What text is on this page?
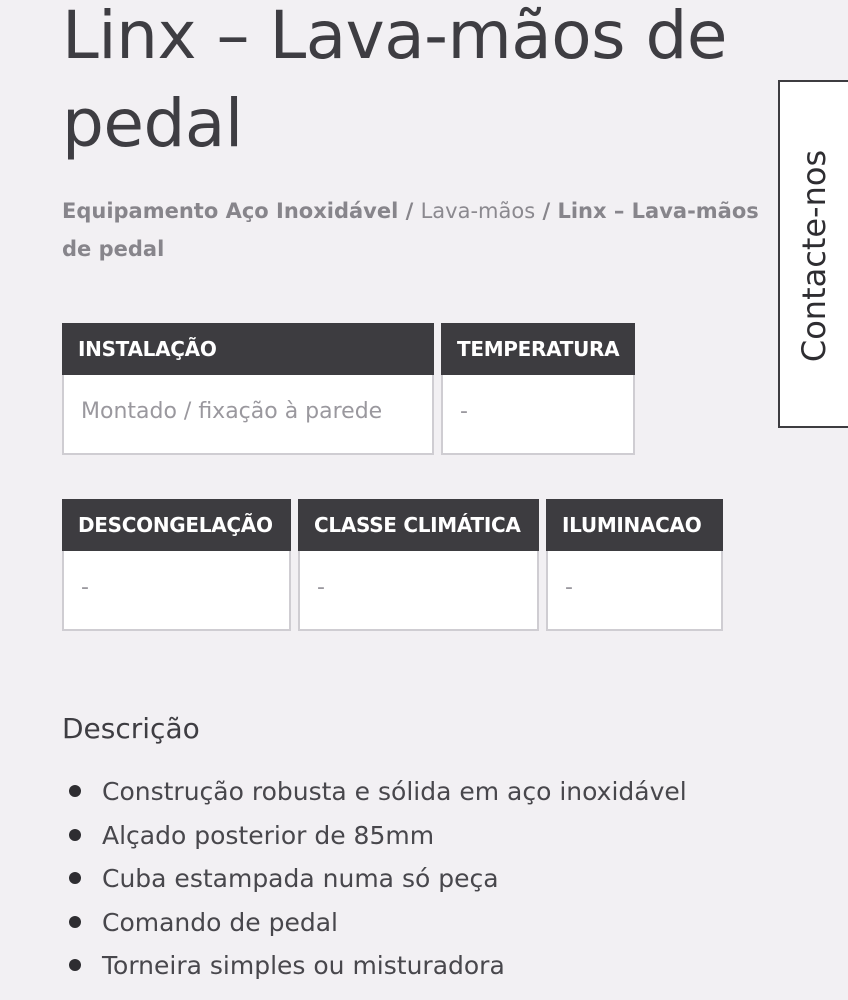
Linx – Lava-mãos de pedal
Equipamento Aço Inoxidável / Lava-mãos / Linx – Lava-mãos de pedal
INSTALAÇÃO
Montado / fixação à parede
TEMPERATURA
-
DESCONGELAÇÃO
-
CLASSE CLIMÁTICA
-
ILUMINACAO
-
Descrição
Construção robusta e sólida em aço inoxidável
Alçado posterior de 85mm
Cuba estampada numa só peça
Comando de pedal
Torneira simples ou misturadora
Contacte-nos
